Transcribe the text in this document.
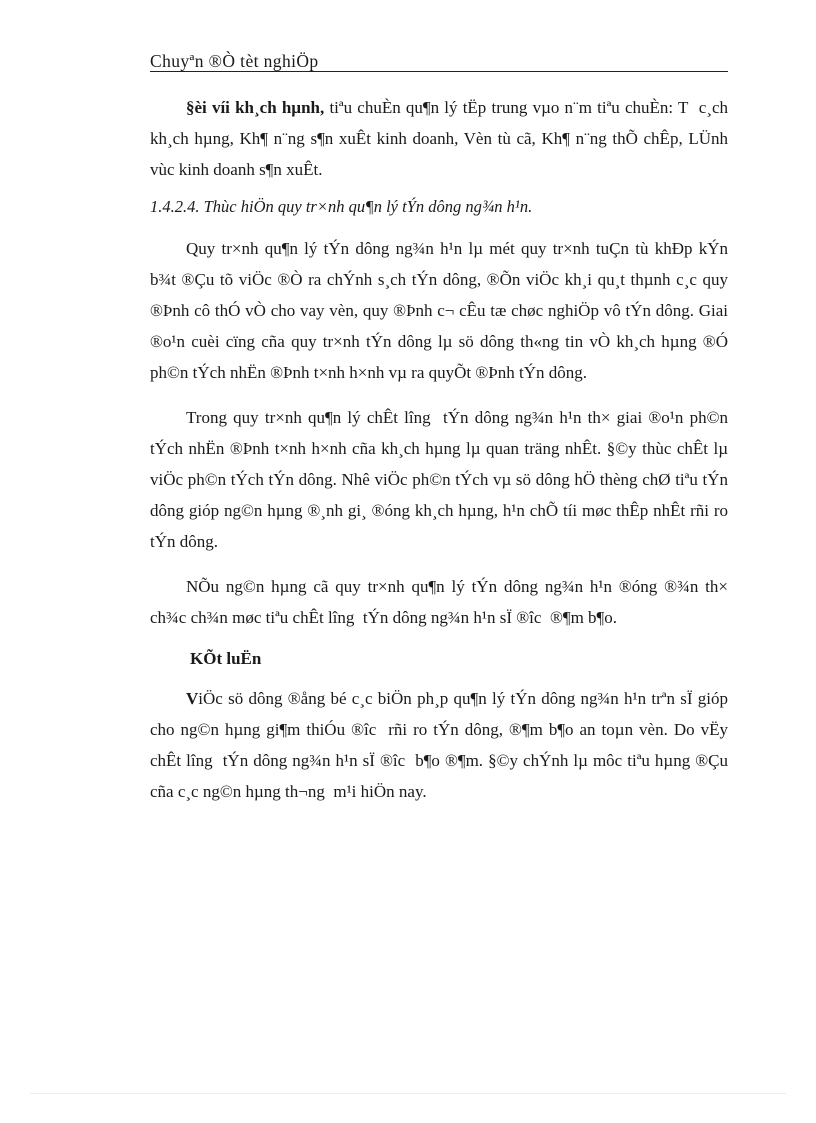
Chuyªn ®Ò tèt nghiÖp

§èi víi kh¸ch hµnh, tiªu chuÈn qu¶n lý tËp trung vµo n¨m tiªu chuÈn: T  c¸ch kh¸ch hµng, Kh¶ n¨ng s¶n xuÊt kinh doanh, Vèn tù cã, Kh¶ n¨ng thÕ chÊp, LÜnh vùc kinh doanh s¶n xuÊt.

1.4.2.4. Thùc hiÖn quy tr×nh qu¶n lý tÝn dông ng¾n h¹n.

Quy tr×nh qu¶n lý tÝn dông ng¾n h¹n lµ mét quy tr×nh tuÇn tù khÐp kÝn b¾t ®Çu tõ viÖc ®Ò ra chÝnh s¸ch tÝn dông, ®Õn viÖc kh¸i qu¸t thµnh c¸c quy ®Þnh cô thÓ vÒ cho vay vèn, quy ®Þnh c¬ cÊu tæ chøc nghiÖp vô tÝn dông. Giai ®o¹n cuèi cïng cña quy tr×nh tÝn dông lµ sö dông th«ng tin vÒ kh¸ch hµng ®Ó ph©n tÝch nhËn ®Þnh t×nh h×nh vµ ra quyÕt ®Þnh tÝn dông.

Trong quy tr×nh qu¶n lý chÊt lîng  tÝn dông ng¾n h¹n th× giai ®o¹n ph©n tÝch nhËn ®Þnh t×nh h×nh cña kh¸ch hµng lµ quan träng nhÊt. §©y thùc chÊt lµ viÖc ph©n tÝch tÝn dông. Nhê viÖc ph©n tÝch vµ sö dông hÖ thèng chØ tiªu tÝn dông gióp ng©n hµng ®¸nh gi¸ ®óng kh¸ch hµng, h¹n chÕ tíi møc thÊp nhÊt rñi ro tÝn dông.

NÕu ng©n hµng cã quy tr×nh qu¶n lý tÝn dông ng¾n h¹n ®óng ®¾n th× ch¾c ch¾n møc tiªu chÊt lîng  tÝn dông ng¾n h¹n sÏ ®îc  ®¶m b¶o.

KÕt luËn

ViÖc sö dông ®ång bé c¸c biÖn ph¸p qu¶n lý tÝn dông ng¾n h¹n trªn sÏ gióp cho ng©n hµng gi¶m thiÓu ®îc  rñi ro tÝn dông, ®¶m b¶o an toµn vèn. Do vËy chÊt lîng  tÝn dông ng¾n h¹n sÏ ®îc  b¶o ®¶m. §©y chÝnh lµ môc tiªu hµng ®Çu cña c¸c ng©n hµng th¬ng  m¹i hiÖn nay.
